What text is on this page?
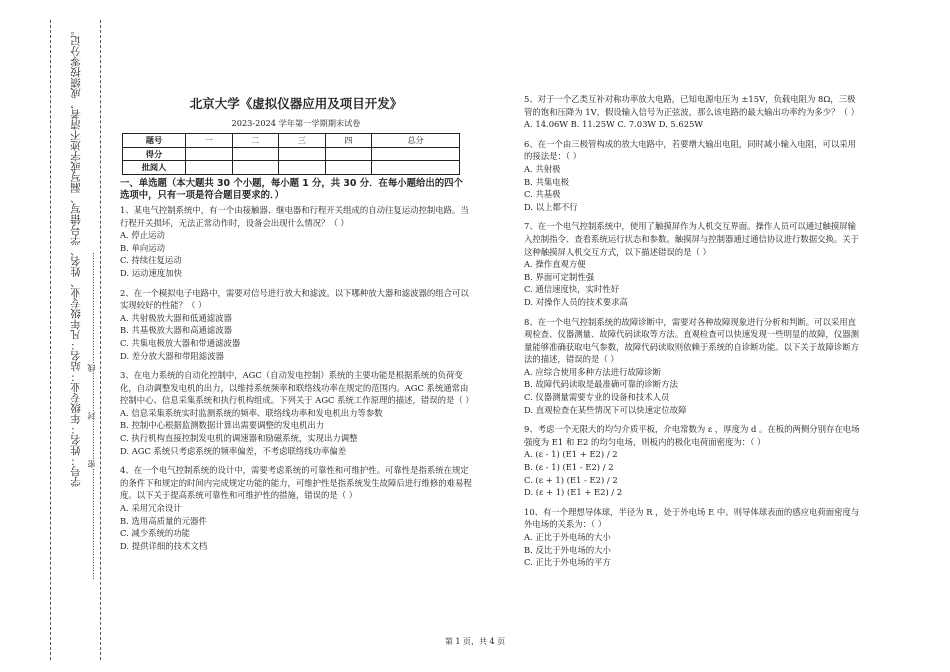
学号：姓名：年级专业：站名：凡年级专业、姓名、学号错写、漏写或字迹不清者，成绩按零分记。 ……………………………………密……………封……………线……………………………………
北京大学《虚拟仪器应用及项目开发》
2023-2024 学年第一学期期末试卷
题号	一	二	三	四	总分
得分					
批阅人					
一、单选题（本大题共 30 个小题，每小题 1 分，共 30 分．在每小题给出的四个选项中，只有一项是符合题目要求的．）

1、某电气控制系统中，有一个由接触器、继电器和行程开关组成的自动往复运动控制电路。当行程开关损坏，无法正常动作时，设备会出现什么情况？（ ）

A. 停止运动

B. 单向运动

C. 持续往复运动

D. 运动速度加快

2、在一个模拟电子电路中，需要对信号进行放大和滤波。以下哪种放大器和滤波器的组合可以实现较好的性能？（ ）

A. 共射极放大器和低通滤波器

B. 共基极放大器和高通滤波器

C. 共集电极放大器和带通滤波器

D. 差分放大器和带阻滤波器

3、在电力系统的自动化控制中，AGC（自动发电控制）系统的主要功能是根据系统的负荷变化，自动调整发电机的出力，以维持系统频率和联络线功率在规定的范围内。AGC 系统通常由控制中心、信息采集系统和执行机构组成。下列关于 AGC 系统工作原理的描述，错误的是（ ）

A. 信息采集系统实时监测系统的频率、联络线功率和发电机出力等参数

B. 控制中心根据监测数据计算出需要调整的发电机出力

C. 执行机构直接控制发电机的调速器和励磁系统，实现出力调整

D. AGC 系统只考虑系统的频率偏差，不考虑联络线功率偏差

4、在一个电气控制系统的设计中，需要考虑系统的可靠性和可维护性。可靠性是指系统在规定的条件下和规定的时间内完成规定功能的能力，可维护性是指系统发生故障后进行维修的难易程度。以下关于提高系统可靠性和可维护性的措施，错误的是（ ）

A. 采用冗余设计

B. 选用高质量的元器件

C. 减少系统的功能

D. 提供详细的技术文档

5、对于一个乙类互补对称功率放大电路，已知电源电压为 ±15V，负载电阻为 8Ω，三极管的饱和压降为 1V，假设输入信号为正弦波，那么该电路的最大输出功率约为多少？（ ）

A. 14.06W B. 11.25W C. 7.03W D. 5.625W

6、在一个由三极管构成的放大电路中，若要增大输出电阻，同时减小输入电阻，可以采用的接法是：（ ）

A. 共射极

B. 共集电极

C. 共基极

D. 以上都不行

7、在一个电气控制系统中，使用了触摸屏作为人机交互界面。操作人员可以通过触摸屏输入控制指令、查看系统运行状态和参数。触摸屏与控制器通过通信协议进行数据交换。关于这种触摸屏人机交互方式，以下描述错误的是（ ）

A. 操作直观方便

B. 界面可定制性强

C. 通信速度快，实时性好

D. 对操作人员的技术要求高

8、在一个电气控制系统的故障诊断中，需要对各种故障现象进行分析和判断。可以采用直观检查、仪器测量、故障代码读取等方法。直观检查可以快速发现一些明显的故障，仪器测量能够准确获取电气参数，故障代码读取则依赖于系统的自诊断功能。以下关于故障诊断方法的描述，错误的是（ ）

A. 应综合使用多种方法进行故障诊断

B. 故障代码读取是最准确可靠的诊断方法

C. 仪器测量需要专业的设备和技术人员

D. 直观检查在某些情况下可以快速定位故障

9、考虑一个无限大的均匀介质平板，介电常数为 ε ，厚度为 d 。在板的两侧分别存在电场强度为 E1 和 E2 的均匀电场，则板内的极化电荷面密度为：（ ）

A. (ε - 1) (E1 + E2) / 2

B. (ε - 1) (E1 - E2) / 2

C. (ε + 1) (E1 - E2) / 2

D. (ε + 1) (E1 + E2) / 2

10、有一个理想导体球，半径为 R ，处于外电场 E 中。则导体球表面的感应电荷面密度与外电场的关系为：（ ）

A. 正比于外电场的大小

B. 反比于外电场的大小

C. 正比于外电场的平方

第 1 页，共 4 页
